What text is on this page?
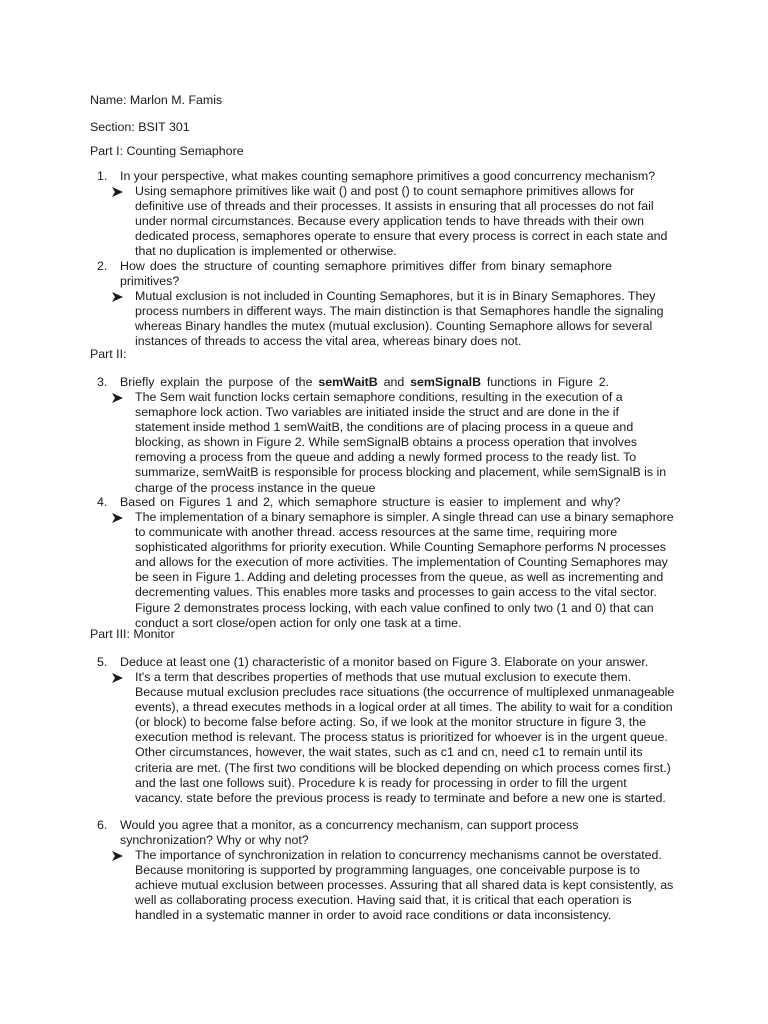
Name: Marlon M. Famis
Section: BSIT 301
Part I: Counting Semaphore
1.	In your perspective, what makes counting semaphore primitives a good concurrency mechanism?
Using semaphore primitives like wait () and post () to count semaphore primitives allows for definitive use of threads and their processes. It assists in ensuring that all processes do not fail under normal circumstances. Because every application tends to have threads with their own dedicated process, semaphores operate to ensure that every process is correct in each state and that no duplication is implemented or otherwise.
2.	How does the structure of counting semaphore primitives differ from binary semaphore primitives?
Mutual exclusion is not included in Counting Semaphores, but it is in Binary Semaphores. They process numbers in different ways. The main distinction is that Semaphores handle the signaling whereas Binary handles the mutex (mutual exclusion). Counting Semaphore allows for several instances of threads to access the vital area, whereas binary does not.
Part II:
3.	Briefly explain the purpose of the semWaitB and semSignalB functions in Figure 2.
The Sem wait function locks certain semaphore conditions, resulting in the execution of a semaphore lock action. Two variables are initiated inside the struct and are done in the if statement inside method 1 semWaitB, the conditions are of placing process in a queue and blocking, as shown in Figure 2. While semSignalB obtains a process operation that involves removing a process from the queue and adding a newly formed process to the ready list. To summarize, semWaitB is responsible for process blocking and placement, while semSignalB is in charge of the process instance in the queue
4.	Based on Figures 1 and 2, which semaphore structure is easier to implement and why?
The implementation of a binary semaphore is simpler. A single thread can use a binary semaphore to communicate with another thread. access resources at the same time, requiring more sophisticated algorithms for priority execution. While Counting Semaphore performs N processes and allows for the execution of more activities. The implementation of Counting Semaphores may be seen in Figure 1. Adding and deleting processes from the queue, as well as incrementing and decrementing values. This enables more tasks and processes to gain access to the vital sector. Figure 2 demonstrates process locking, with each value confined to only two (1 and 0) that can conduct a sort close/open action for only one task at a time.
Part III: Monitor
5.	Deduce at least one (1) characteristic of a monitor based on Figure 3. Elaborate on your answer.
It's a term that describes properties of methods that use mutual exclusion to execute them. Because mutual exclusion precludes race situations (the occurrence of multiplexed unmanageable events), a thread executes methods in a logical order at all times. The ability to wait for a condition (or block) to become false before acting. So, if we look at the monitor structure in figure 3, the execution method is relevant. The process status is prioritized for whoever is in the urgent queue. Other circumstances, however, the wait states, such as c1 and cn, need c1 to remain until its criteria are met. (The first two conditions will be blocked depending on which process comes first.) and the last one follows suit). Procedure k is ready for processing in order to fill the urgent vacancy. state before the previous process is ready to terminate and before a new one is started.
6.	Would you agree that a monitor, as a concurrency mechanism, can support process synchronization? Why or why not?
The importance of synchronization in relation to concurrency mechanisms cannot be overstated. Because monitoring is supported by programming languages, one conceivable purpose is to achieve mutual exclusion between processes. Assuring that all shared data is kept consistently, as well as collaborating process execution. Having said that, it is critical that each operation is handled in a systematic manner in order to avoid race conditions or data inconsistency.
